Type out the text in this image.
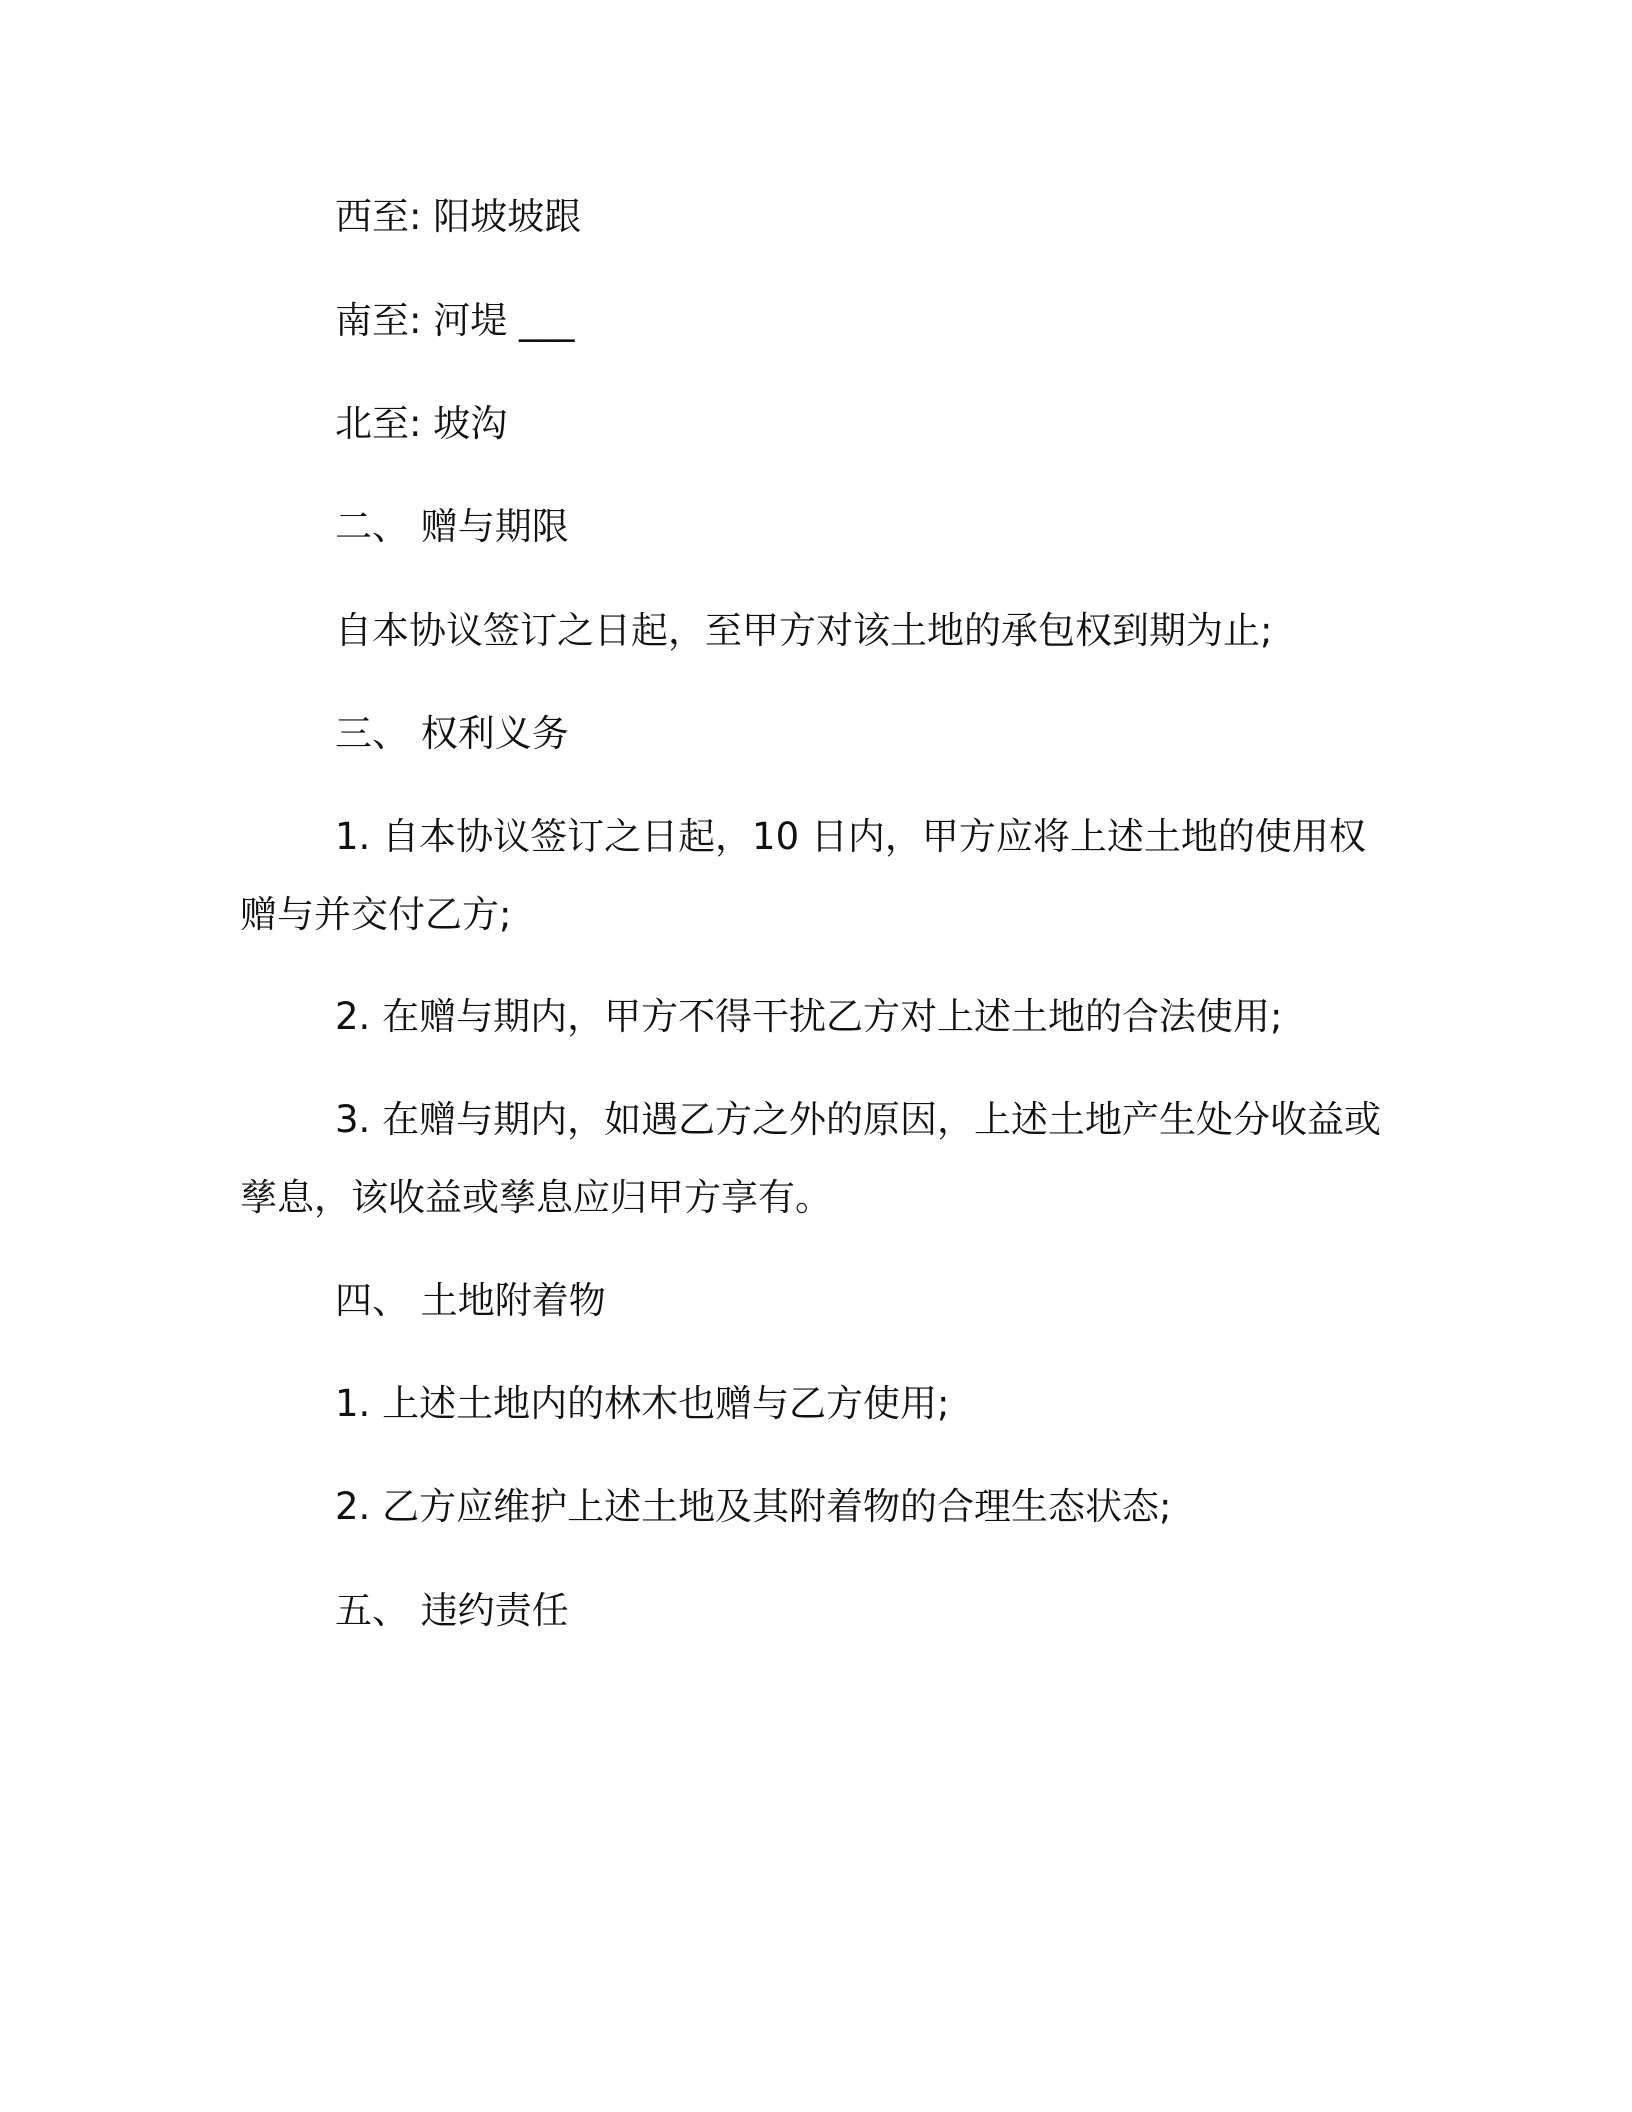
西至: 阳坡坡跟
南至: 河堤 ___
北至: 坡沟
二、 赠与期限
自本协议签订之日起，至甲方对该土地的承包权到期为止;
三、 权利义务
1. 自本协议签订之日起，10 日内，甲方应将上述土地的使用权
赠与并交付乙方;
2. 在赠与期内，甲方不得干扰乙方对上述土地的合法使用;
3. 在赠与期内，如遇乙方之外的原因，上述土地产生处分收益或
孳息，该收益或孳息应归甲方享有。
四、 土地附着物
1. 上述土地内的林木也赠与乙方使用;
2. 乙方应维护上述土地及其附着物的合理生态状态;
五、 违约责任
